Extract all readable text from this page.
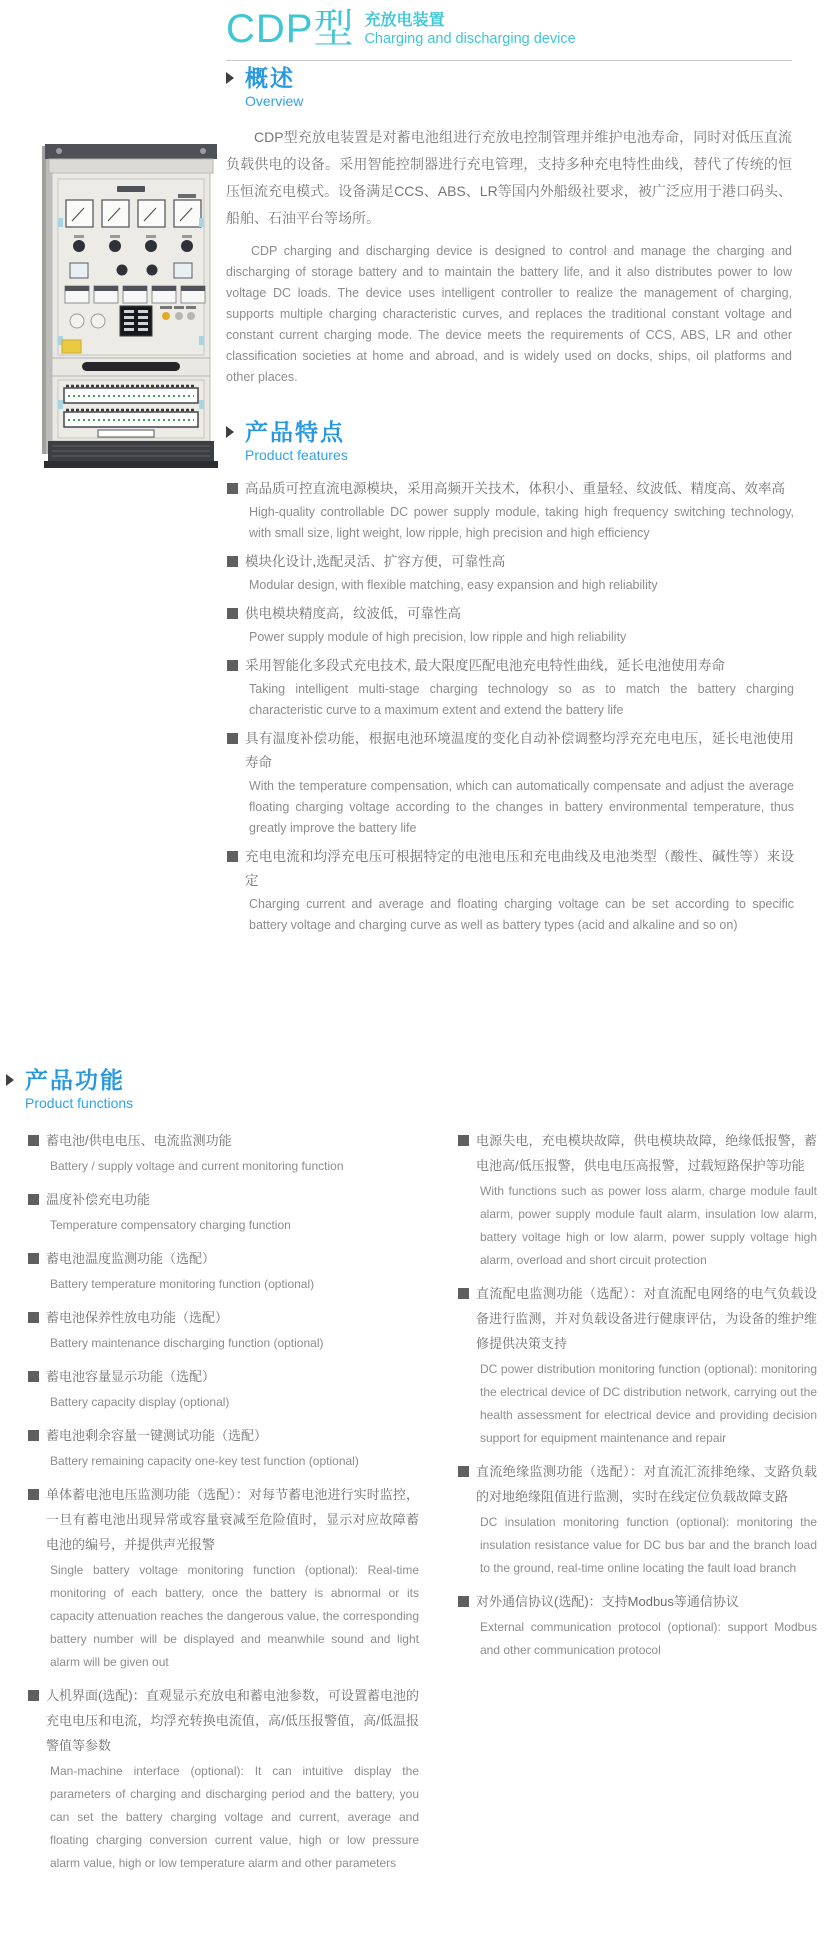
CDP型 充放电装置
Charging and discharging device
概述
Overview
CDP型充放电装置是对蓄电池组进行充放电控制管理并维护电池寿命，同时对低压直流负载供电的设备。采用智能控制器进行充电管理，支持多种充电特性曲线，替代了传统的恒压恒流充电模式。设备满足CCS、ABS、LR等国内外船级社要求，被广泛应用于港口码头、船舶、石油平台等场所。
CDP charging and discharging device is designed to control and manage the charging and discharging of storage battery and to maintain the battery life, and it also distributes power to low voltage DC loads. The device uses intelligent controller to realize the management of charging, supports multiple charging characteristic curves, and replaces the traditional constant voltage and constant current charging mode. The device meets the requirements of CCS, ABS, LR and other classification societies at home and abroad, and is widely used on docks, ships, oil platforms and other places.
产品特点
Product features
高品质可控直流电源模块，采用高频开关技术，体积小、重量轻、纹波低、精度高、效率高
High-quality controllable DC power supply module, taking high frequency switching technology, with small size, light weight, low ripple, high precision and high efficiency
模块化设计,选配灵活、扩容方便，可靠性高
Modular design, with flexible matching, easy expansion and high reliability
供电模块精度高，纹波低，可靠性高
Power supply module of high precision, low ripple and high reliability
采用智能化多段式充电技术, 最大限度匹配电池充电特性曲线，延长电池使用寿命
Taking intelligent multi-stage charging technology so as to match the battery charging characteristic curve to a maximum extent and extend the battery life
具有温度补偿功能，根据电池环境温度的变化自动补偿调整均浮充充电电压，延长电池使用寿命
With the temperature compensation, which can automatically compensate and adjust the average floating charging voltage according to the changes in battery environmental temperature, thus greatly improve the battery life
充电电流和均浮充电压可根据特定的电池电压和充电曲线及电池类型（酸性、碱性等）来设定
Charging current and average and floating charging voltage can be set according to specific battery voltage and charging curve as well as battery types (acid and alkaline and so on)
产品功能
Product functions
蓄电池/供电电压、电流监测功能
Battery / supply voltage and current monitoring function
温度补偿充电功能
Temperature compensatory charging function
蓄电池温度监测功能（选配）
Battery temperature monitoring function (optional)
蓄电池保养性放电功能（选配）
Battery maintenance discharging function (optional)
蓄电池容量显示功能（选配）
Battery capacity display (optional)
蓄电池剩余容量一键测试功能（选配）
Battery remaining capacity one-key test function (optional)
单体蓄电池电压监测功能（选配）：对每节蓄电池进行实时监控，一旦有蓄电池出现异常或容量衰减至危险值时，显示对应故障蓄电池的编号，并提供声光报警
Single battery voltage monitoring function (optional): Real-time monitoring of each battery, once the battery is abnormal or its capacity attenuation reaches the dangerous value, the corresponding battery number will be displayed and meanwhile sound and light alarm will be given out
人机界面(选配)：直观显示充放电和蓄电池参数，可设置蓄电池的充电电压和电流，均浮充转换电流值，高/低压报警值，高/低温报警值等参数
Man-machine interface (optional): It can intuitive display the parameters of charging and discharging period and the battery, you can set the battery charging voltage and current, average and floating charging conversion current value, high or low pressure alarm value, high or low temperature alarm and other parameters
电源失电，充电模块故障，供电模块故障，绝缘低报警，蓄电池高/低压报警，供电电压高报警，过载短路保护等功能
With functions such as power loss alarm, charge module fault alarm, power supply module fault alarm, insulation low alarm, battery voltage high or low alarm, power supply voltage high alarm, overload and short circuit protection
直流配电监测功能（选配）：对直流配电网络的电气负载设备进行监测，并对负载设备进行健康评估，为设备的维护维修提供决策支持
DC power distribution monitoring function (optional): monitoring the electrical device of DC distribution network, carrying out the health assessment for electrical device and providing decision support for equipment maintenance and repair
直流绝缘监测功能（选配）：对直流汇流排绝缘、支路负载的对地绝缘阻值进行监测，实时在线定位负载故障支路
DC insulation monitoring function (optional): monitoring the insulation resistance value for DC bus bar and the branch load to the ground, real-time online locating the fault load branch
对外通信协议(选配)：支持Modbus等通信协议
External communication protocol (optional): support Modbus and other communication protocol
